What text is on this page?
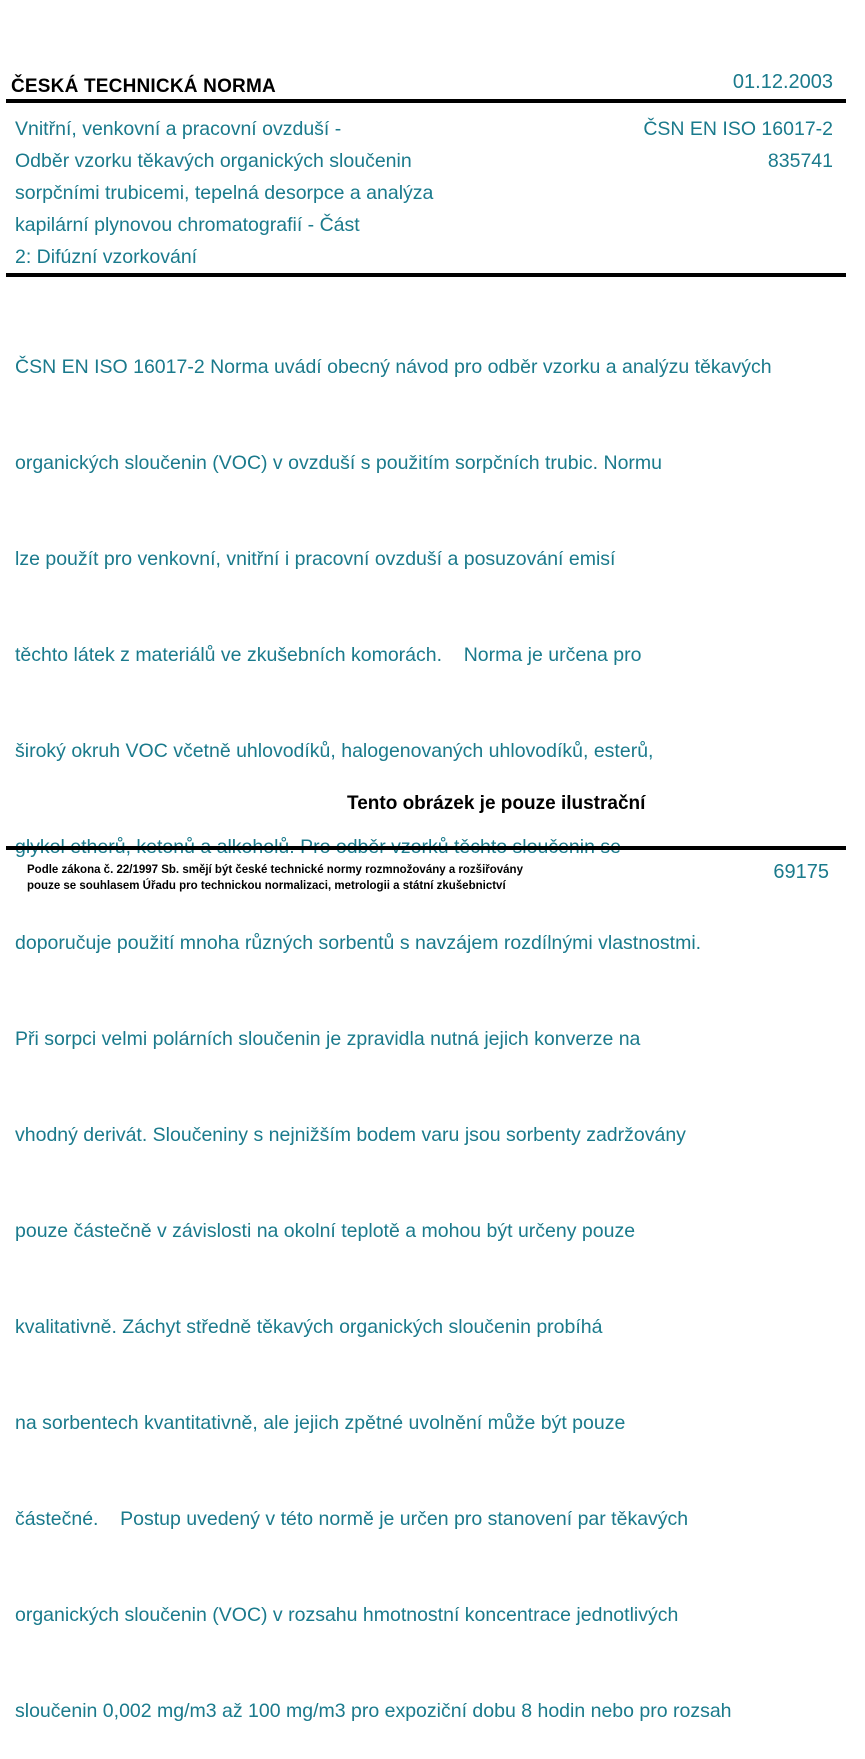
ČESKÁ TECHNICKÁ NORMA	01.12.2003
Vnitřní, venkovní a pracovní ovzduší -
Odběr vzorku těkavých organických sloučenin
sorpčními trubicemi, tepelná desorpce a analýza
kapilární plynovou chromatografií - Část
2: Difúzní vzorkování
ČSN EN ISO 16017-2
835741

ČSN EN ISO 16017-2 Norma uvádí obecný návod pro odběr vzorku a analýzu těkavých

organických sloučenin (VOC) v ovzduší s použitím sorpčních trubic. Normu

lze použít pro venkovní, vnitřní i pracovní ovzduší a posuzování emisí

těchto látek z materiálů ve zkušebních komorách.    Norma je určena pro

široký okruh VOC včetně uhlovodíků, halogenovaných uhlovodíků, esterů,

doporučuje použití mnoha různých sorbentů s navzájem rozdílnými vlastnostmi.

Při sorpci velmi polárních sloučenin je zpravidla nutná jejich konverze na

vhodný derivát. Sloučeniny s nejnižším bodem varu jsou sorbenty zadržovány

pouze částečně v závislosti na okolní teplotě a mohou být určeny pouze

kvalitativně. Záchyt středně těkavých organických sloučenin probíhá

na sorbentech kvantitativně, ale jejich zpětné uvolnění může být pouze

částečné.    Postup uvedený v této normě je určen pro stanovení par těkavých

organických sloučenin (VOC) v rozsahu hmotnostní koncentrace jednotlivých

sloučenin 0,002 mg/m3 až 100 mg/m3 pro expoziční dobu 8 hodin nebo pro rozsah

Tento obrázek je pouze ilustrační
Podle zákona č. 22/1997 Sb. smějí být české technické normy rozmnožovány a rozšiřovány
pouze se souhlasem Úřadu pro technickou normalizaci, metrologii a státní zkušebnictví
69175
